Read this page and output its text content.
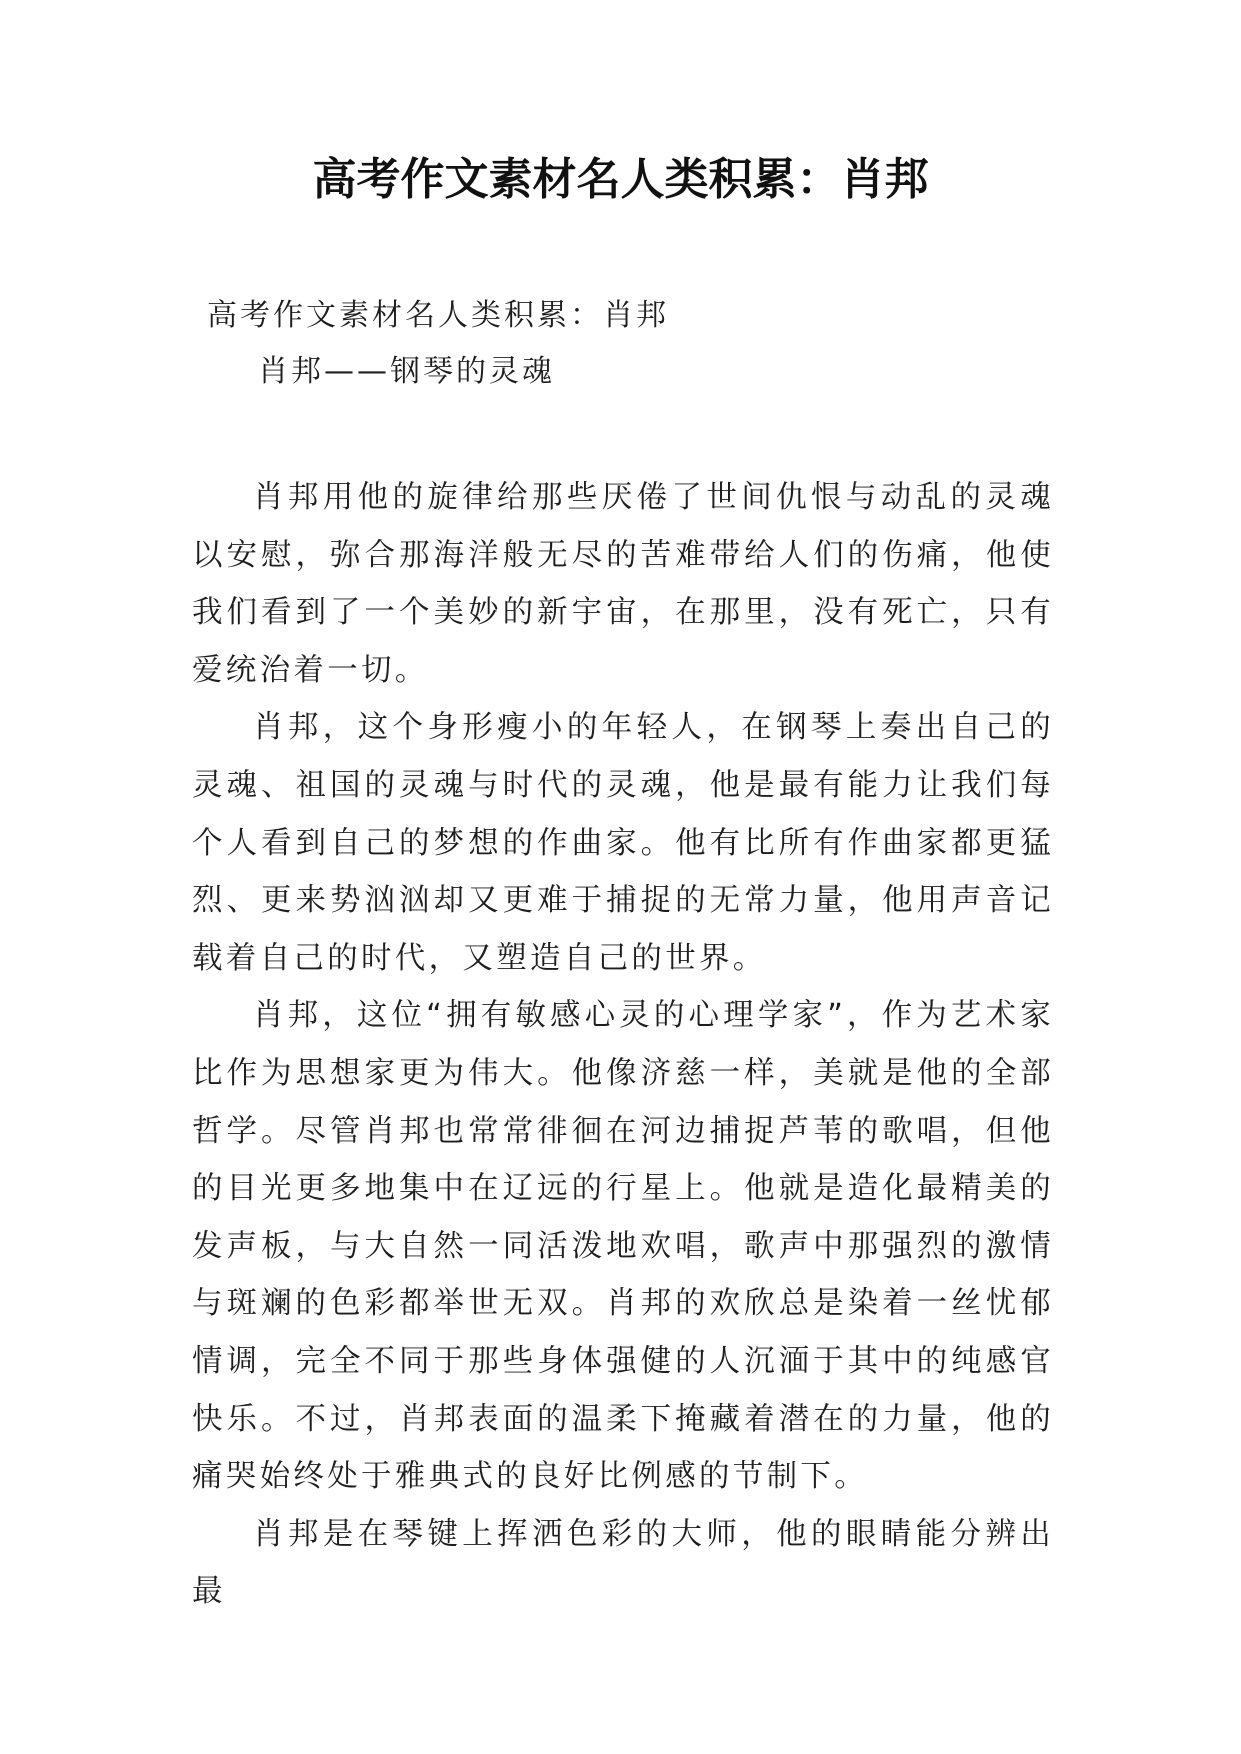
高考作文素材名人类积累：肖邦

高考作文素材名人类积累：肖邦

肖邦——钢琴的灵魂

肖邦用他的旋律给那些厌倦了世间仇恨与动乱的灵魂以安慰，弥合那海洋般无尽的苦难带给人们的伤痛，他使我们看到了一个美妙的新宇宙，在那里，没有死亡，只有爱统治着一切。

肖邦，这个身形瘦小的年轻人，在钢琴上奏出自己的灵魂、祖国的灵魂与时代的灵魂，他是最有能力让我们每个人看到自己的梦想的作曲家。他有比所有作曲家都更猛烈、更来势汹汹却又更难于捕捉的无常力量，他用声音记载着自己的时代，又塑造自己的世界。

肖邦，这位“拥有敏感心灵的心理学家”，作为艺术家比作为思想家更为伟大。他像济慈一样，美就是他的全部哲学。尽管肖邦也常常徘徊在河边捕捉芦苇的歌唱，但他的目光更多地集中在辽远的行星上。他就是造化最精美的发声板，与大自然一同活泼地欢唱，歌声中那强烈的激情与斑斓的色彩都举世无双。肖邦的欢欣总是染着一丝忧郁情调，完全不同于那些身体强健的人沉湎于其中的纯感官快乐。不过，肖邦表面的温柔下掩藏着潜在的力量，他的痛哭始终处于雅典式的良好比例感的节制下。

肖邦是在琴键上挥洒色彩的大师，他的眼睛能分辨出最
